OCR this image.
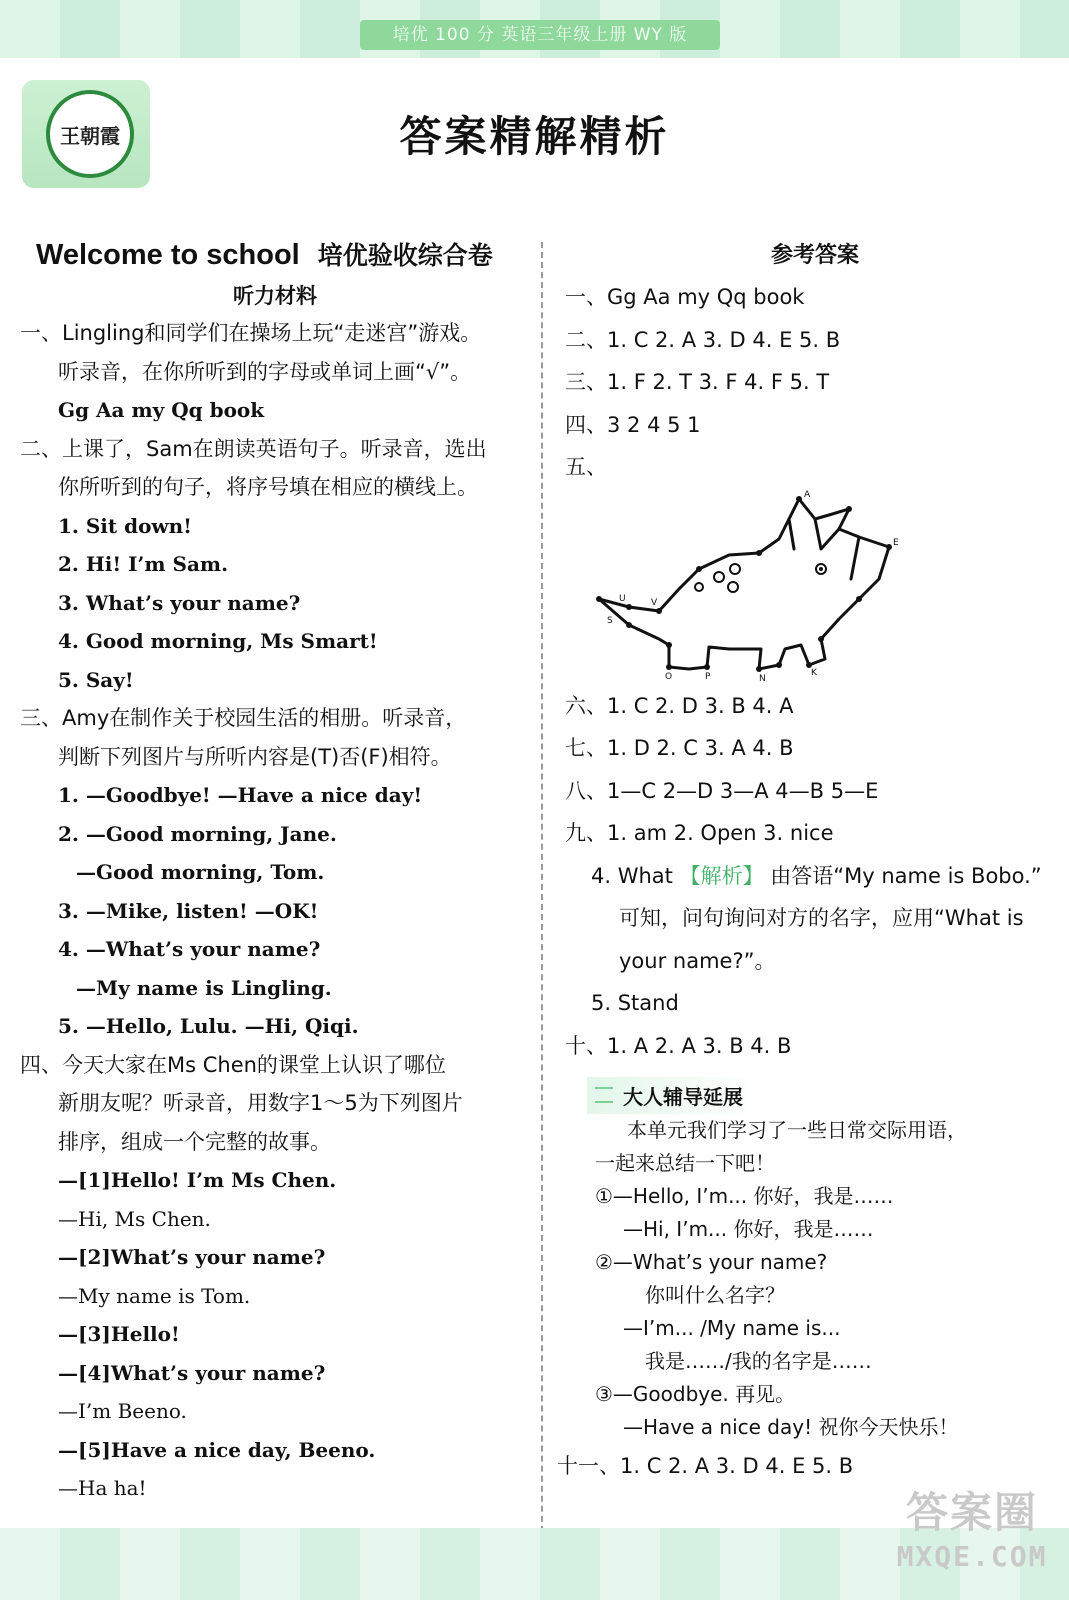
培优 100 分 英语三年级上册 WY 版
王朝霞	答案精解精析
Welcome to school 培优验收综合卷
听力材料
一、Lingling和同学们在操场上玩“走迷宫”游戏。
听录音，在你所听到的字母或单词上画“√”。
Gg Aa my Qq book
二、上课了，Sam在朗读英语句子。听录音，选出
你所听到的句子，将序号填在相应的横线上。
1. Sit down!
2. Hi! I’m Sam.
3. What’s your name?
4. Good morning, Ms Smart!
5. Say!
三、Amy在制作关于校园生活的相册。听录音，
判断下列图片与所听内容是(T)否(F)相符。
1. —Goodbye! —Have a nice day!
2. —Good morning, Jane.
—Good morning, Tom.
3. —Mike, listen! —OK!
4. —What’s your name?
—My name is Lingling.
5. —Hello, Lulu. —Hi, Qiqi.
四、今天大家在Ms Chen的课堂上认识了哪位
新朋友呢？听录音，用数字1～5为下列图片
排序，组成一个完整的故事。
—[1]Hello! I’m Ms Chen.
—Hi, Ms Chen.
—[2]What’s your name?
—My name is Tom.
—[3]Hello!
—[4]What’s your name?
—I’m Beeno.
—[5]Have a nice day, Beeno.
—Ha ha!
参考答案
一、Gg Aa my Qq book
二、1. C 2. A 3. D 4. E 5. B
三、1. F 2. T 3. F 4. F 5. T
四、3 2 4 5 1
五、
U	V
A
E
S
O	P	N
K
六、1. C 2. D 3. B 4. A
七、1. D 2. C 3. A 4. B
八、1—C 2—D 3—A 4—B 5—E
九、1. am 2. Open 3. nice
4. What 【解析】 由答语“My name is Bobo.”
可知，问句询问对方的名字，应用“What is
your name?”。
5. Stand
十、1. A 2. A 3. B 4. B
大人辅导延展
本单元我们学习了一些日常交际用语，
一起来总结一下吧！
①—Hello, I’m... 你好，我是……
—Hi, I’m... 你好，我是……
②—What’s your name?
你叫什么名字？
—I’m... /My name is...
我是……/我的名字是……
③—Goodbye. 再见。
—Have a nice day! 祝你今天快乐！
十一、1. C 2. A 3. D 4. E 5. B
答案圈
MXQE.COM
